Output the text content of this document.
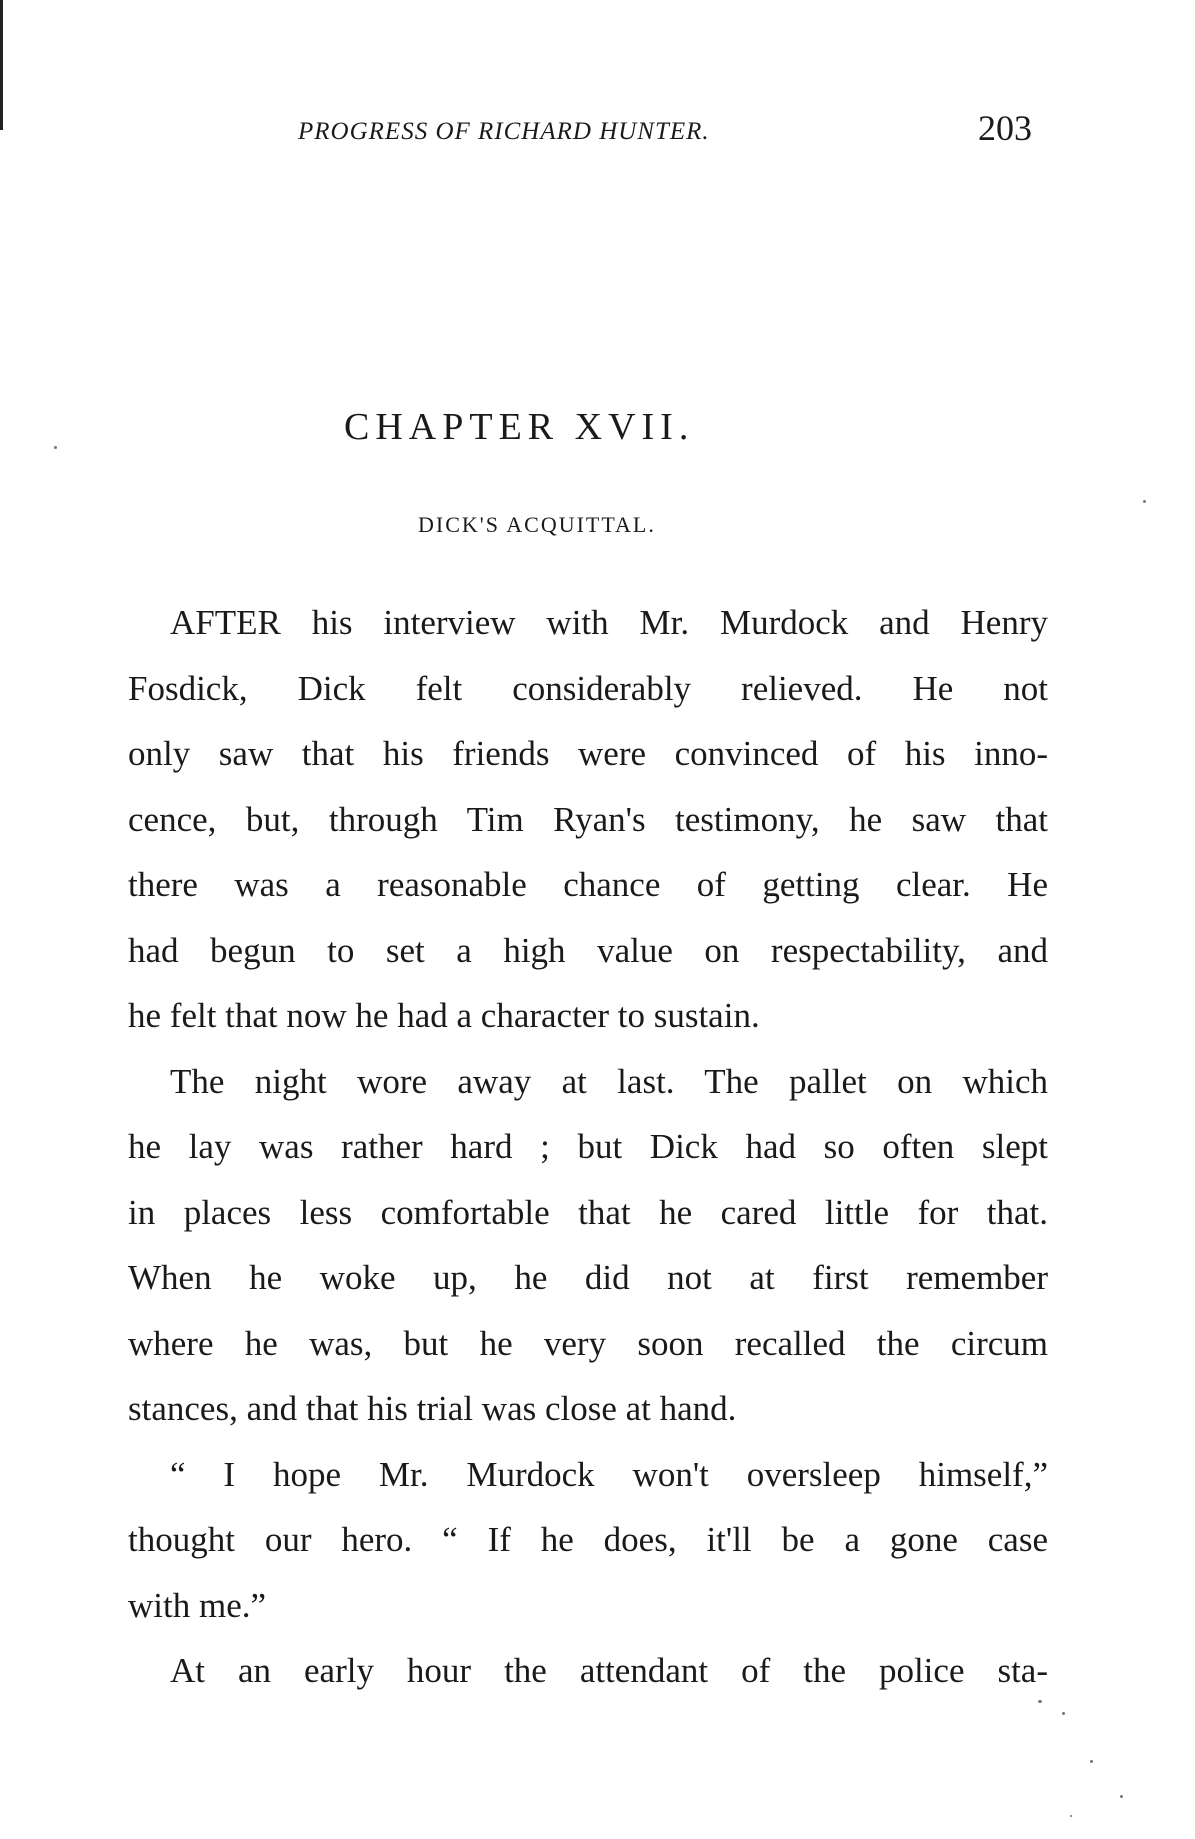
PROGRESS OF RICHARD HUNTER.	203
CHAPTER XVII.
DICK'S ACQUITTAL.
AFTER his interview with Mr. Murdock and Henry
Fosdick, Dick felt considerably relieved. He not
only saw that his friends were convinced of his inno-
cence, but, through Tim Ryan's testimony, he saw that
there was a reasonable chance of getting clear. He
had begun to set a high value on respectability, and
he felt that now he had a character to sustain.
The night wore away at last. The pallet on which
he lay was rather hard ; but Dick had so often slept
in places less comfortable that he cared little for that.
When he woke up, he did not at first remember
where he was, but he very soon recalled the circum
stances, and that his trial was close at hand.
“ I hope Mr. Murdock won't oversleep himself,”
thought our hero. “ If he does, it'll be a gone case
with me.”
At an early hour the attendant of the police sta-
